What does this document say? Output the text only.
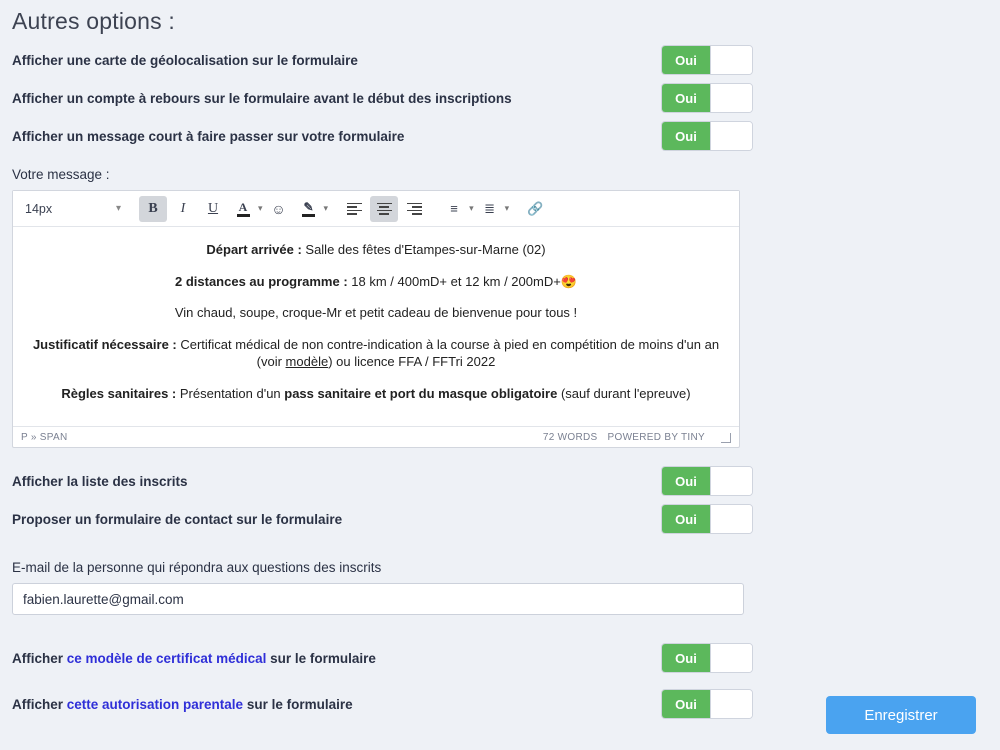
Autres options :
Afficher une carte de géolocalisation sur le formulaire	Oui
Afficher un compte à rebours sur le formulaire avant le début des inscriptions	Oui
Afficher un message court à faire passer sur votre formulaire	Oui
Votre message :
14px	▾	B	I	U	A ▾ ☺	✎ ▾	≡	▾ ≣	▾	🔗

Départ arrivée : Salle des fêtes d'Etampes-sur-Marne (02)

2 distances au programme : 18 km / 400mD+ et 12 km / 200mD+😍

Vin chaud, soupe, croque-Mr et petit cadeau de bienvenue pour tous !

Justificatif nécessaire : Certificat médical de non contre-indication à la course à pied en compétition de moins d'un an (voir modèle) ou licence FFA / FFTri 2022

Règles sanitaires : Présentation d'un pass sanitaire et port du masque obligatoire (sauf durant l'epreuve)

P » SPAN	72 WORDS POWERED BY TINY
Afficher la liste des inscrits	Oui
Proposer un formulaire de contact sur le formulaire	Oui
E-mail de la personne qui répondra aux questions des inscrits
fabien.laurette@gmail.com
Afficher ce modèle de certificat médical sur le formulaire	Oui
Afficher cette autorisation parentale sur le formulaire	Oui
Enregistrer
